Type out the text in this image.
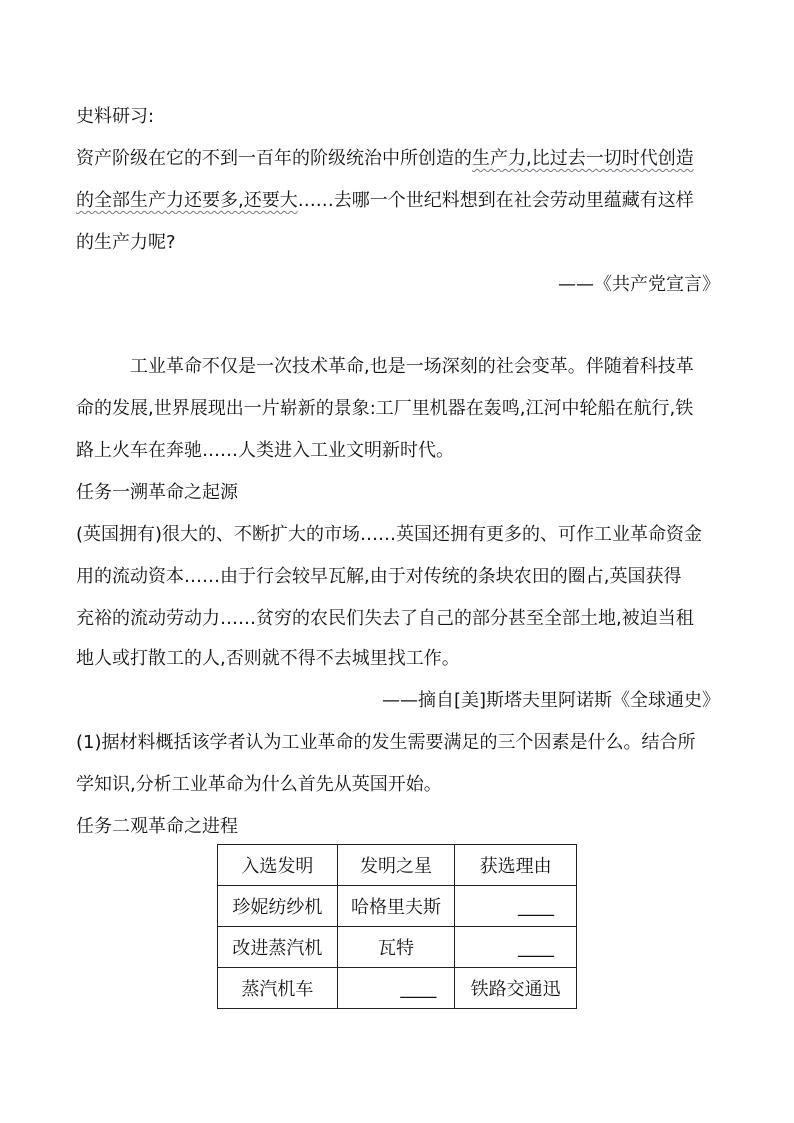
史料研习:
资产阶级在它的不到一百年的阶级统治中所创造的生产力,比过去一切时代创造
的全部生产力还要多,还要大……去哪一个世纪料想到在社会劳动里蕴藏有这样
的生产力呢?
——《共产党宣言》
工业革命不仅是一次技术革命,也是一场深刻的社会变革。伴随着科技革
命的发展,世界展现出一片崭新的景象:工厂里机器在轰鸣,江河中轮船在航行,铁
路上火车在奔驰……人类进入工业文明新时代。
任务一溯革命之起源
(英国拥有)很大的、不断扩大的市场……英国还拥有更多的、可作工业革命资金
用的流动资本……由于行会较早瓦解,由于对传统的条块农田的圈占,英国获得
充裕的流动劳动力……贫穷的农民们失去了自己的部分甚至全部土地,被迫当租
地人或打散工的人,否则就不得不去城里找工作。
——摘自[美]斯塔夫里阿诺斯《全球通史》
(1)据材料概括该学者认为工业革命的发生需要满足的三个因素是什么。结合所
学知识,分析工业革命为什么首先从英国开始。
任务二观革命之进程
入选发明	发明之星	获选理由
珍妮纺纱机	哈格里夫斯	____
改进蒸汽机	瓦特	____
蒸汽机车	____	铁路交通迅
